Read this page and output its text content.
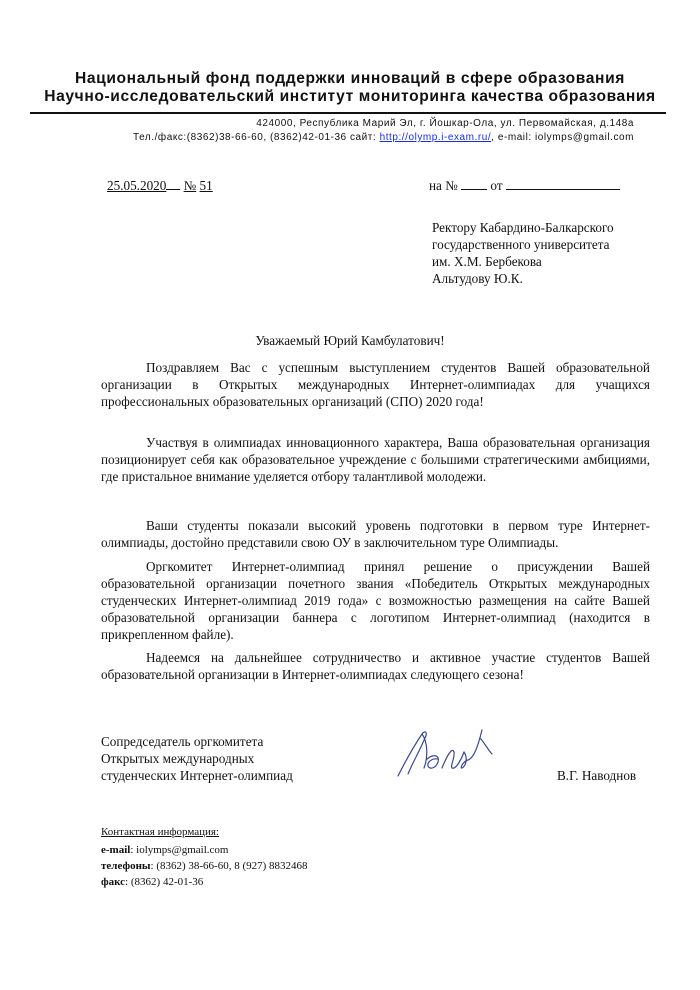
Национальный фонд поддержки инноваций в сфере образования
Научно-исследовательский институт мониторинга качества образования
424000, Республика Марий Эл, г. Йошкар-Ола, ул. Первомайская, д.148а
Тел./факс:(8362)38-66-60, (8362)42-01-36 сайт: http://olymp.i-exam.ru/, e-mail: iolymps@gmail.com
25.05.2020 № 51	на № от
Ректору Кабардино-Балкарского
государственного университета
им. Х.М. Бербекова
Альтудову Ю.К.
Уважаемый Юрий Камбулатович!
Поздравляем Вас с успешным выступлением студентов Вашей образовательной организации в Открытых международных Интернет-олимпиадах для учащихся профессиональных образовательных организаций (СПО) 2020 года!
Участвуя в олимпиадах инновационного характера, Ваша образовательная организация позиционирует себя как образовательное учреждение с большими стратегическими амбициями, где пристальное внимание уделяется отбору талантливой молодежи.
Ваши студенты показали высокий уровень подготовки в первом туре Интернет-олимпиады, достойно представили свою ОУ в заключительном туре Олимпиады.
Оргкомитет Интернет-олимпиад принял решение о присуждении Вашей образовательной организации почетного звания «Победитель Открытых международных студенческих Интернет-олимпиад 2019 года» с возможностью размещения на сайте Вашей образовательной организации баннера с логотипом Интернет-олимпиад (находится в прикрепленном файле).
Надеемся на дальнейшее сотрудничество и активное участие студентов Вашей образовательной организации в Интернет-олимпиадах следующего сезона!
Сопредседатель оргкомитета
Открытых международных
студенческих Интернет-олимпиад	В.Г. Наводнов
Контактная информация:
e-mail: iolymps@gmail.com
телефоны: (8362) 38-66-60, 8 (927) 8832468
факс: (8362) 42-01-36
